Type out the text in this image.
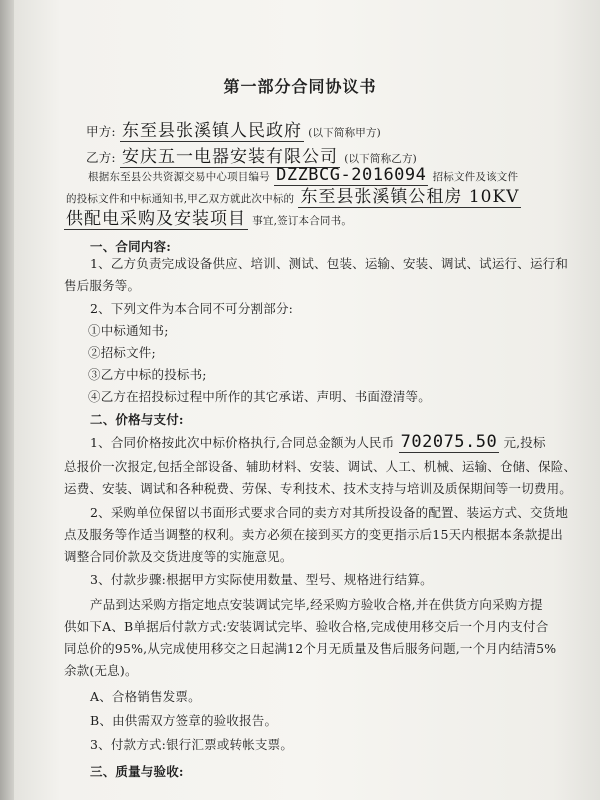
第一部分合同协议书
甲方: 东至县张溪镇人民政府 (以下简称甲方)
乙方: 安庆五一电器安装有限公司 (以下简称乙方)
根据东至县公共资源交易中心项目编号 DZZBCG-2016094 招标文件及该文件
的投标文件和中标通知书,甲乙双方就此次中标的 东至县张溪镇公租房 10KV
供配电采购及安装项目 事宜,签订本合同书。
一、合同内容:
1、乙方负责完成设备供应、培训、测试、包装、运输、安装、调试、试运行、运行和
售后服务等。
2、下列文件为本合同不可分割部分:
①中标通知书;
②招标文件;
③乙方中标的投标书;
④乙方在招投标过程中所作的其它承诺、声明、书面澄清等。
二、价格与支付:
1、合同价格按此次中标价格执行,合同总金额为人民币 702075.50 元,投标
总报价一次报定,包括全部设备、辅助材料、安装、调试、人工、机械、运输、仓储、保险、
运费、安装、调试和各种税费、劳保、专利技术、技术支持与培训及质保期间等一切费用。
2、采购单位保留以书面形式要求合同的卖方对其所投设备的配置、装运方式、交货地
点及服务等作适当调整的权利。卖方必须在接到买方的变更指示后15天内根据本条款提出
调整合同价款及交货进度等的实施意见。
3、付款步骤:根据甲方实际使用数量、型号、规格进行结算。
产品到达采购方指定地点安装调试完毕,经采购方验收合格,并在供货方向采购方提
供如下A、B单据后付款方式:安装调试完毕、验收合格,完成使用移交后一个月内支付合
同总价的95%,从完成使用移交之日起满12个月无质量及售后服务问题,一个月内结清5%
余款(无息)。
A、合格销售发票。
B、由供需双方签章的验收报告。
3、付款方式:银行汇票或转帐支票。
三、质量与验收:
